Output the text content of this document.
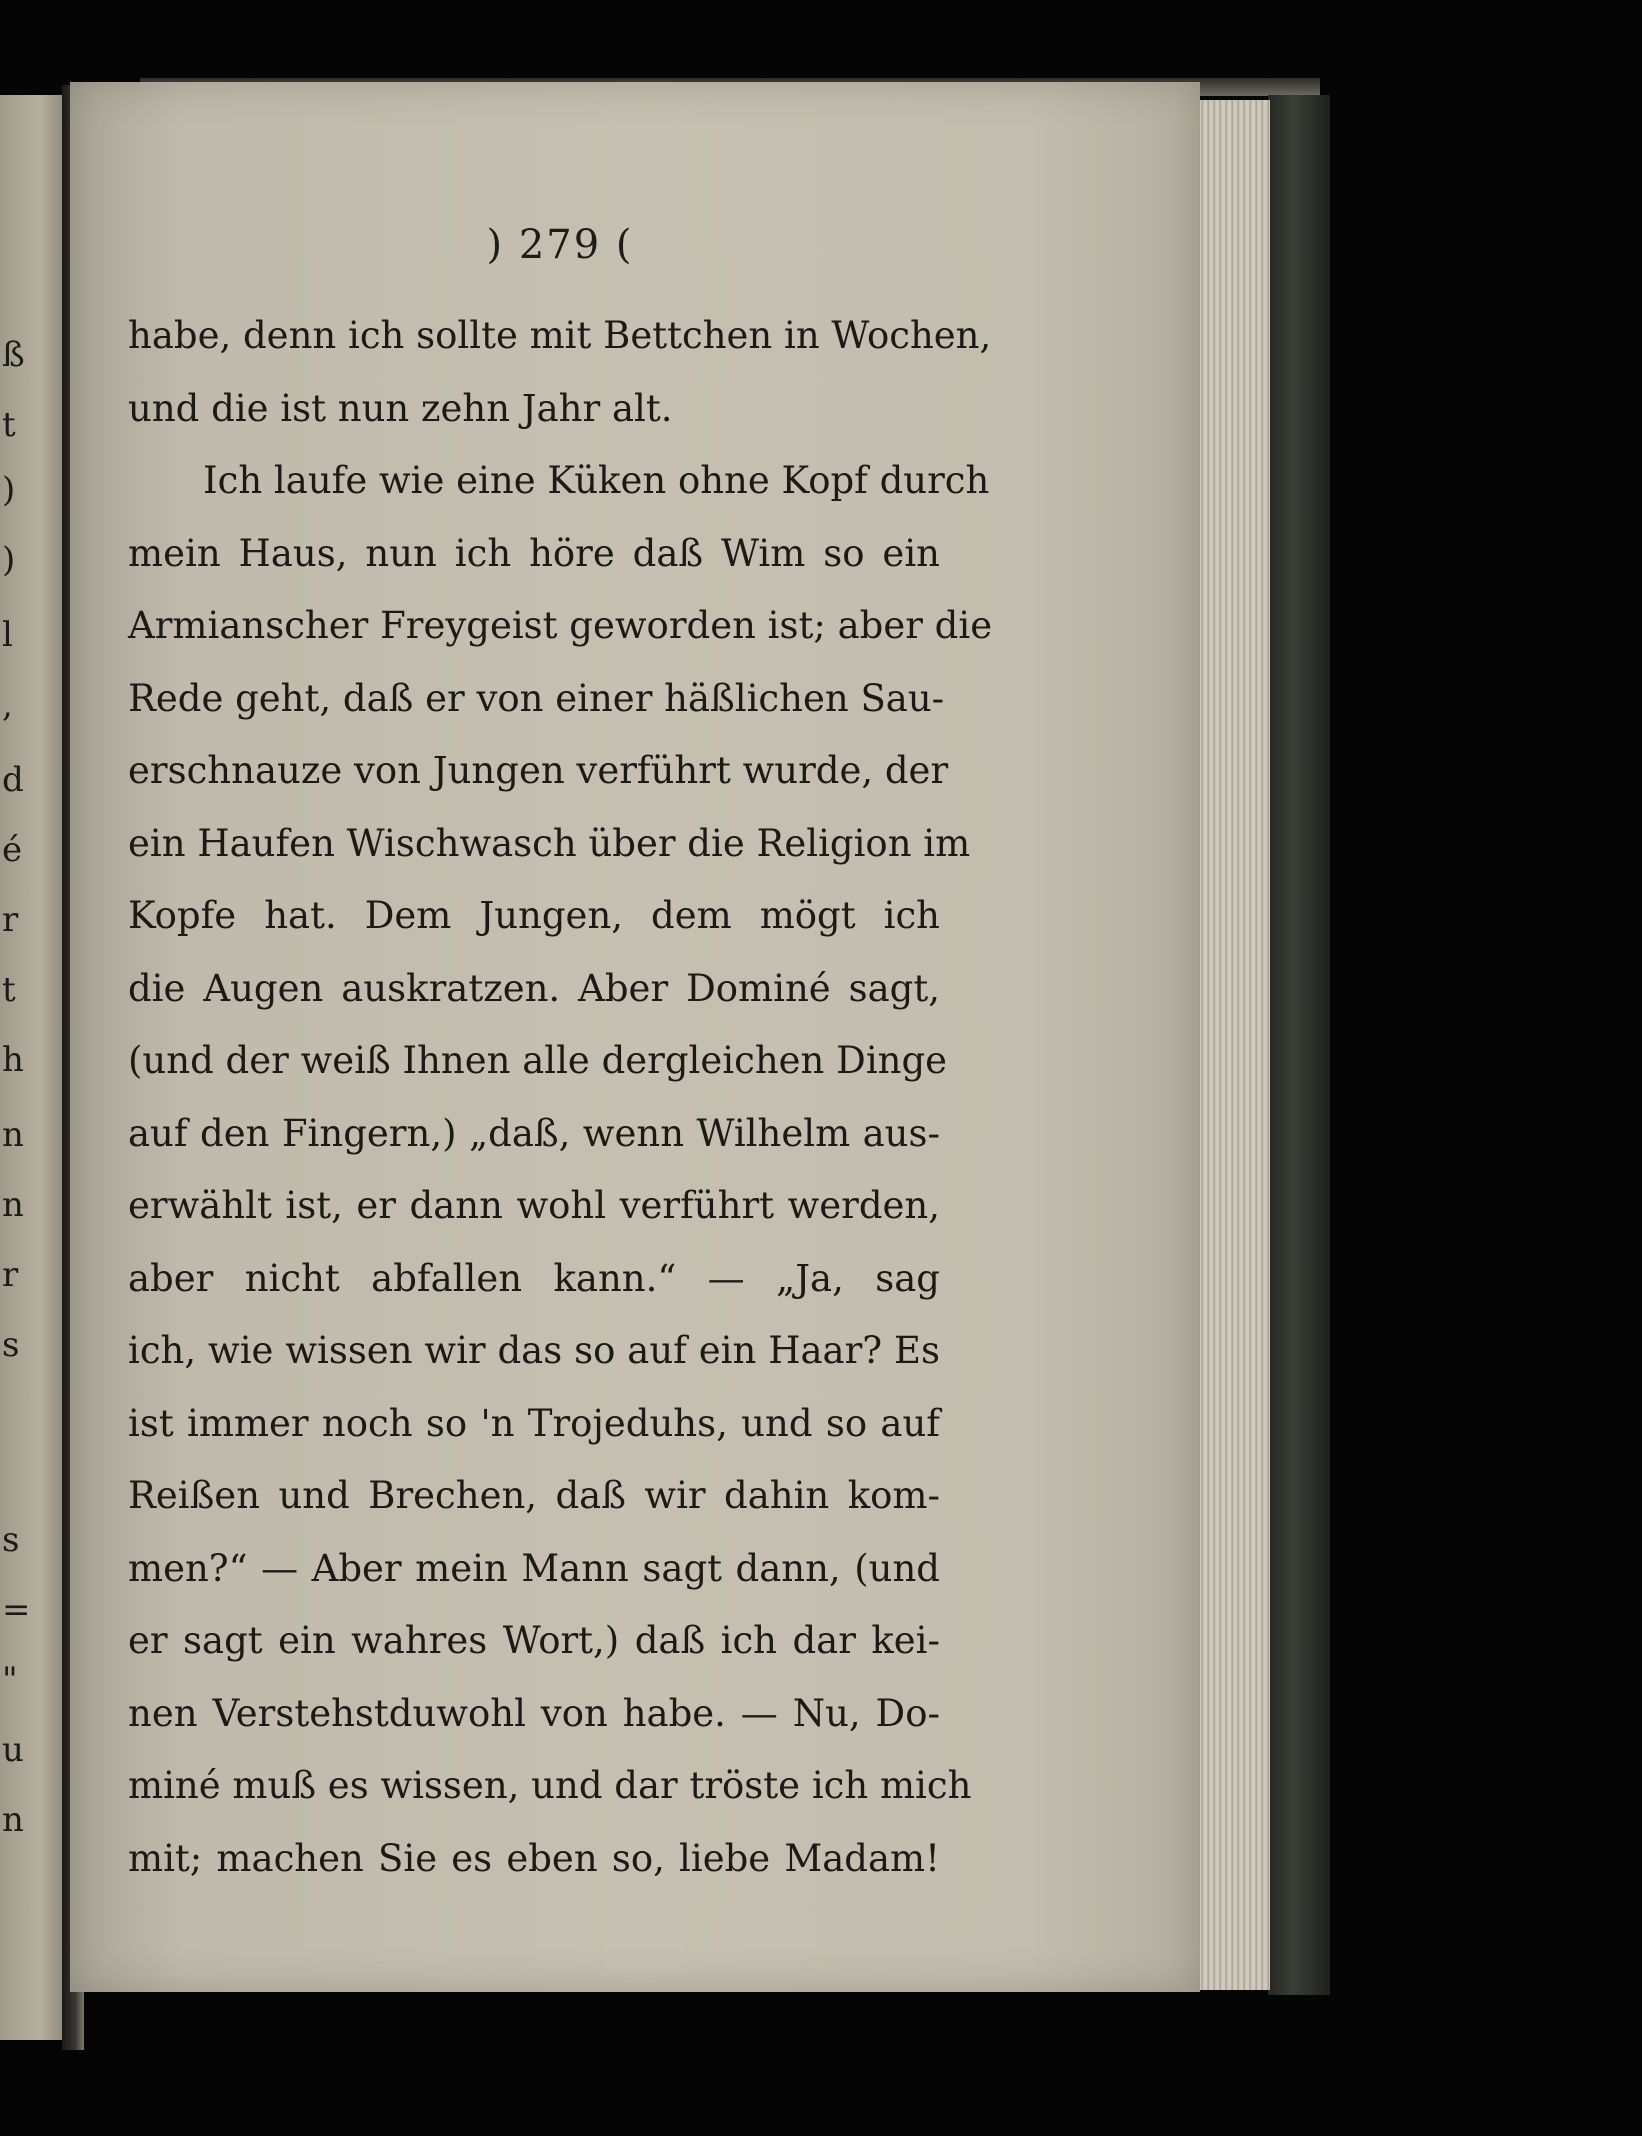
ß
t
)
)
l
,
d
é
r
t
h
n
n
r
s
s
=
"
u
n
) 279 (
habe, denn ich sollte mit Bettchen in Wochen,
und die ist nun zehn Jahr alt.
Ich laufe wie eine Küken ohne Kopf durch
mein Haus, nun ich höre daß Wim so ein
Armianscher Freygeist geworden ist; aber die
Rede geht, daß er von einer häßlichen Sau-
erschnauze von Jungen verführt wurde, der
ein Haufen Wischwasch über die Religion im
Kopfe hat. Dem Jungen, dem mögt ich
die Augen auskratzen. Aber Dominé sagt,
(und der weiß Ihnen alle dergleichen Dinge
auf den Fingern,) „daß, wenn Wilhelm aus-
erwählt ist, er dann wohl verführt werden,
aber nicht abfallen kann.“ — „Ja, sag
ich, wie wissen wir das so auf ein Haar? Es
ist immer noch so 'n Trojeduhs, und so auf
Reißen und Brechen, daß wir dahin kom-
men?“ — Aber mein Mann sagt dann, (und
er sagt ein wahres Wort,) daß ich dar kei-
nen Verstehstduwohl von habe. — Nu, Do-
miné muß es wissen, und dar tröste ich mich
mit; machen Sie es eben so, liebe Madam!
